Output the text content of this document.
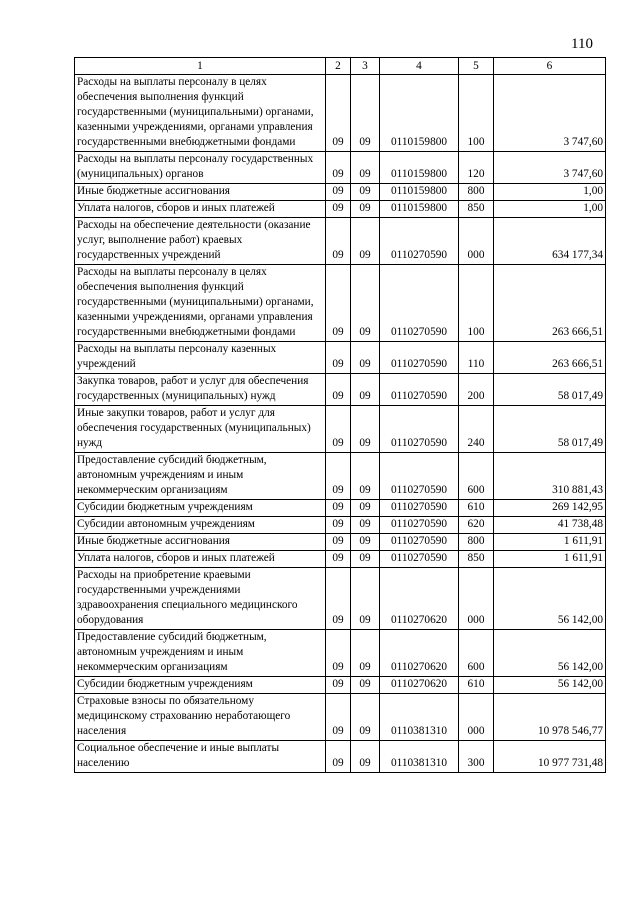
110
1	2	3	4	5	6
Расходы на выплаты персоналу в целях обеспечения выполнения функций государственными (муниципальными) органами, казенными учреждениями, органами управления государственными внебюджетными фондами	09	09	0110159800	100	3 747,60
Расходы на выплаты персоналу государственных (муниципальных) органов	09	09	0110159800	120	3 747,60
Иные бюджетные ассигнования	09	09	0110159800	800	1,00
Уплата налогов, сборов и иных платежей	09	09	0110159800	850	1,00
Расходы на обеспечение деятельности (оказание услуг, выполнение работ) краевых государственных учреждений	09	09	0110270590	000	634 177,34
Расходы на выплаты персоналу в целях обеспечения выполнения функций государственными (муниципальными) органами, казенными учреждениями, органами управления государственными внебюджетными фондами	09	09	0110270590	100	263 666,51
Расходы на выплаты персоналу казенных учреждений	09	09	0110270590	110	263 666,51
Закупка товаров, работ и услуг для обеспечения государственных (муниципальных) нужд	09	09	0110270590	200	58 017,49
Иные закупки товаров, работ и услуг для обеспечения государственных (муниципальных) нужд	09	09	0110270590	240	58 017,49
Предоставление субсидий бюджетным, автономным учреждениям и иным некоммерческим организациям	09	09	0110270590	600	310 881,43
Субсидии бюджетным учреждениям	09	09	0110270590	610	269 142,95
Субсидии автономным учреждениям	09	09	0110270590	620	41 738,48
Иные бюджетные ассигнования	09	09	0110270590	800	1 611,91
Уплата налогов, сборов и иных платежей	09	09	0110270590	850	1 611,91
Расходы на приобретение краевыми государственными учреждениями здравоохранения специального медицинского оборудования	09	09	0110270620	000	56 142,00
Предоставление субсидий бюджетным, автономным учреждениям и иным некоммерческим организациям	09	09	0110270620	600	56 142,00
Субсидии бюджетным учреждениям	09	09	0110270620	610	56 142,00
Страховые взносы по обязательному медицинскому страхованию неработающего населения	09	09	0110381310	000	10 978 546,77
Социальное обеспечение и иные выплаты населению	09	09	0110381310	300	10 977 731,48
